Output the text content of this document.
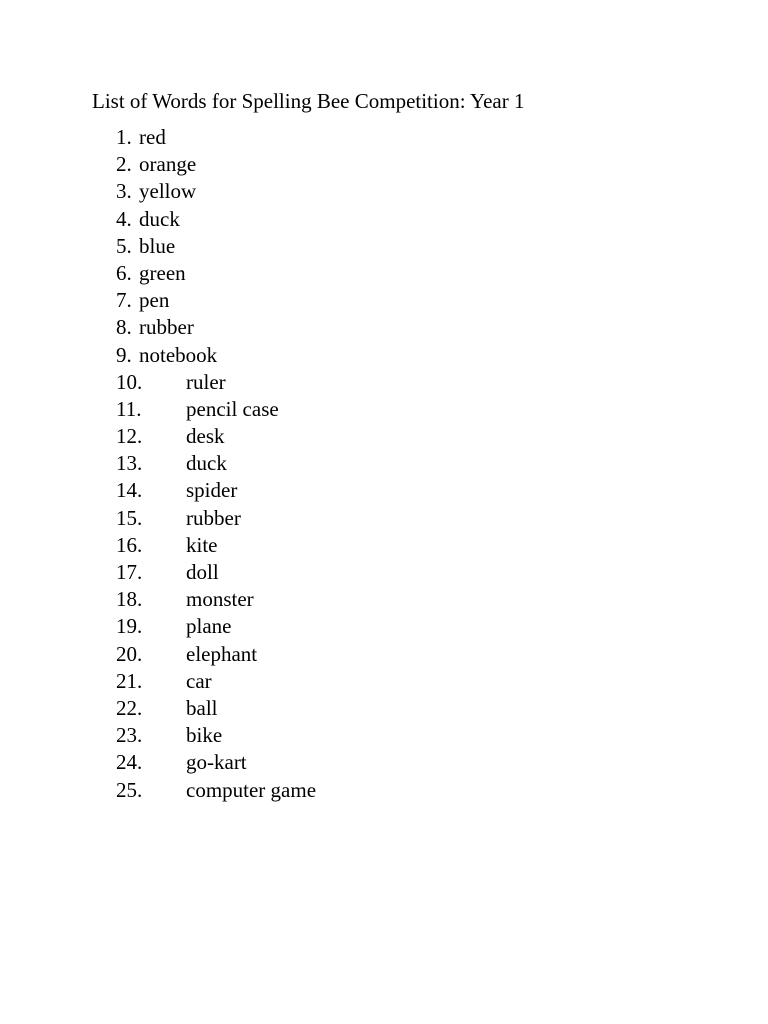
List of Words for Spelling Bee Competition: Year 1
1. red
2. orange
3. yellow
4. duck
5. blue
6. green
7. pen
8. rubber
9. notebook
10. ruler
11. pencil case
12. desk
13. duck
14. spider
15. rubber
16. kite
17. doll
18. monster
19. plane
20. elephant
21. car
22. ball
23. bike
24. go-kart
25. computer game
